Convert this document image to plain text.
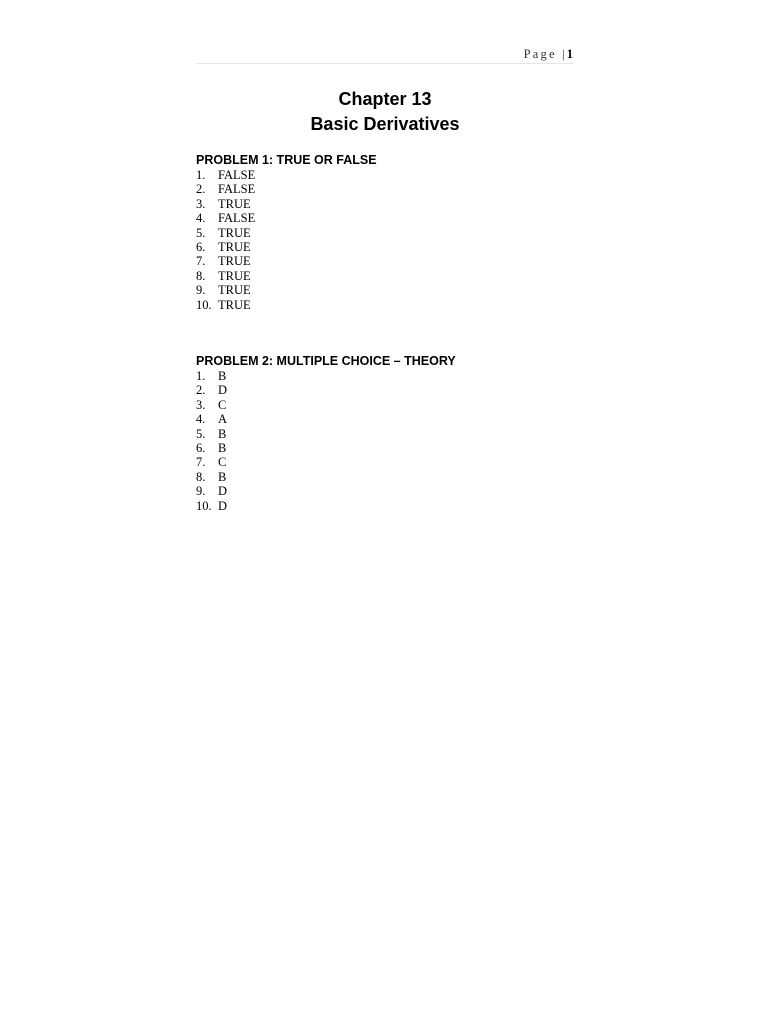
Page |1
Chapter 13
Basic Derivatives
PROBLEM 1: TRUE OR FALSE
1. FALSE
2. FALSE
3. TRUE
4. FALSE
5. TRUE
6. TRUE
7. TRUE
8. TRUE
9. TRUE
10. TRUE
PROBLEM 2: MULTIPLE CHOICE – THEORY
1. B
2. D
3. C
4. A
5. B
6. B
7. C
8. B
9. D
10. D
